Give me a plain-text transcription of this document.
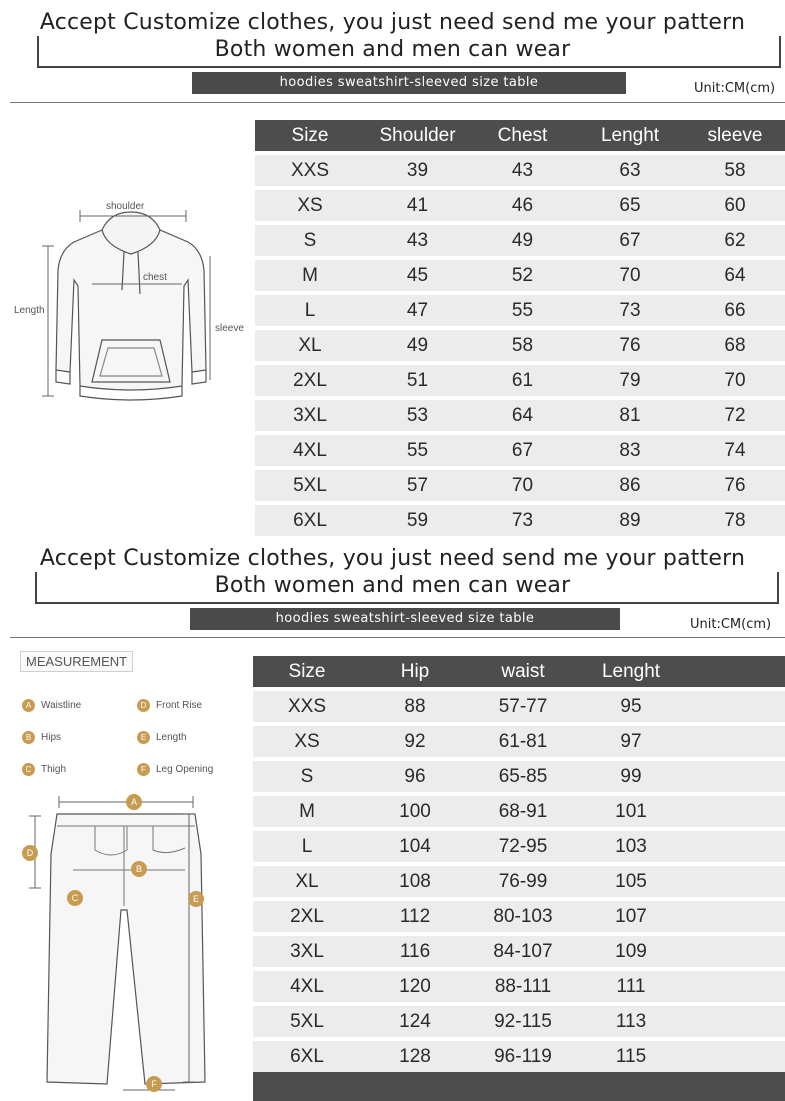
Accept Customize clothes, you just need send me your pattern
Both women and men can wear
hoodies sweatshirt-sleeved size table	Unit:CM(cm)
shoulder
chest
Length
sleeve
Size	Shoulder	Chest	Lenght	sleeve
XXS	39	43	63	58
XS	41	46	65	60
S	43	49	67	62
M	45	52	70	64
L	47	55	73	66
XL	49	58	76	68
2XL	51	61	79	70
3XL	53	64	81	72
4XL	55	67	83	74
5XL	57	70	86	76
6XL	59	73	89	78
Accept Customize clothes, you just need send me your pattern
Both women and men can wear
hoodies sweatshirt-sleeved size table	Unit:CM(cm)
MEASUREMENT
A Waistline	D Front Rise
B Hips	E Length
C Thigh	F Leg Opening
A
B
C
D
E
F
Size	Hip	waist	Lenght	
XXS	88	57-77	95	
XS	92	61-81	97	
S	96	65-85	99	
M	100	68-91	101	
L	104	72-95	103	
XL	108	76-99	105	
2XL	112	80-103	107	
3XL	116	84-107	109	
4XL	120	88-111	111	
5XL	124	92-115	113	
6XL	128	96-119	115	
